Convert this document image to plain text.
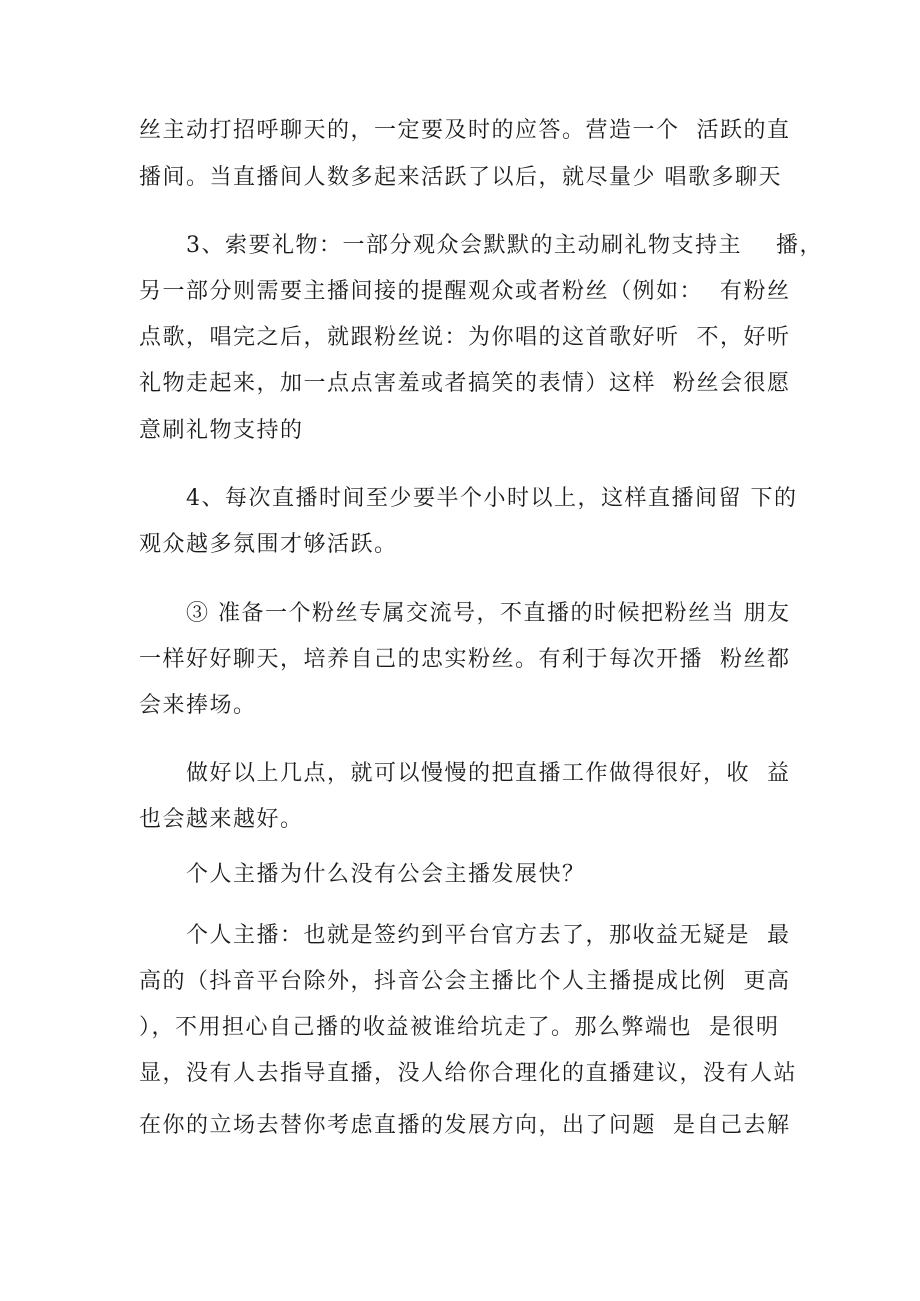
丝主动打招呼聊天的，一定要及时的应答。营造一个  活跃的直
播间。当直播间人数多起来活跃了以后，就尽量少 唱歌多聊天
3、索要礼物：一部分观众会默默的主动刷礼物支持主    播，
另一部分则需要主播间接的提醒观众或者粉丝（例如：  有粉丝
点歌，唱完之后，就跟粉丝说：为你唱的这首歌好听  不，好听
礼物走起来，加一点点害羞或者搞笑的表情）这样  粉丝会很愿
意刷礼物支持的
4、每次直播时间至少要半个小时以上，这样直播间留 下的
观众越多氛围才够活跃。
③ 准备一个粉丝专属交流号，不直播的时候把粉丝当 朋友
一样好好聊天，培养自己的忠实粉丝。有利于每次开播  粉丝都
会来捧场。
做好以上几点，就可以慢慢的把直播工作做得很好，收  益
也会越来越好。
个人主播为什么没有公会主播发展快？
个人主播：也就是签约到平台官方去了，那收益无疑是  最
高的（抖音平台除外，抖音公会主播比个人主播提成比例  更高
），不用担心自己播的收益被谁给坑走了。那么弊端也  是很明
显，没有人去指导直播，没人给你合理化的直播建议，没有人站
在你的立场去替你考虑直播的发展方向，出了问题  是自己去解
